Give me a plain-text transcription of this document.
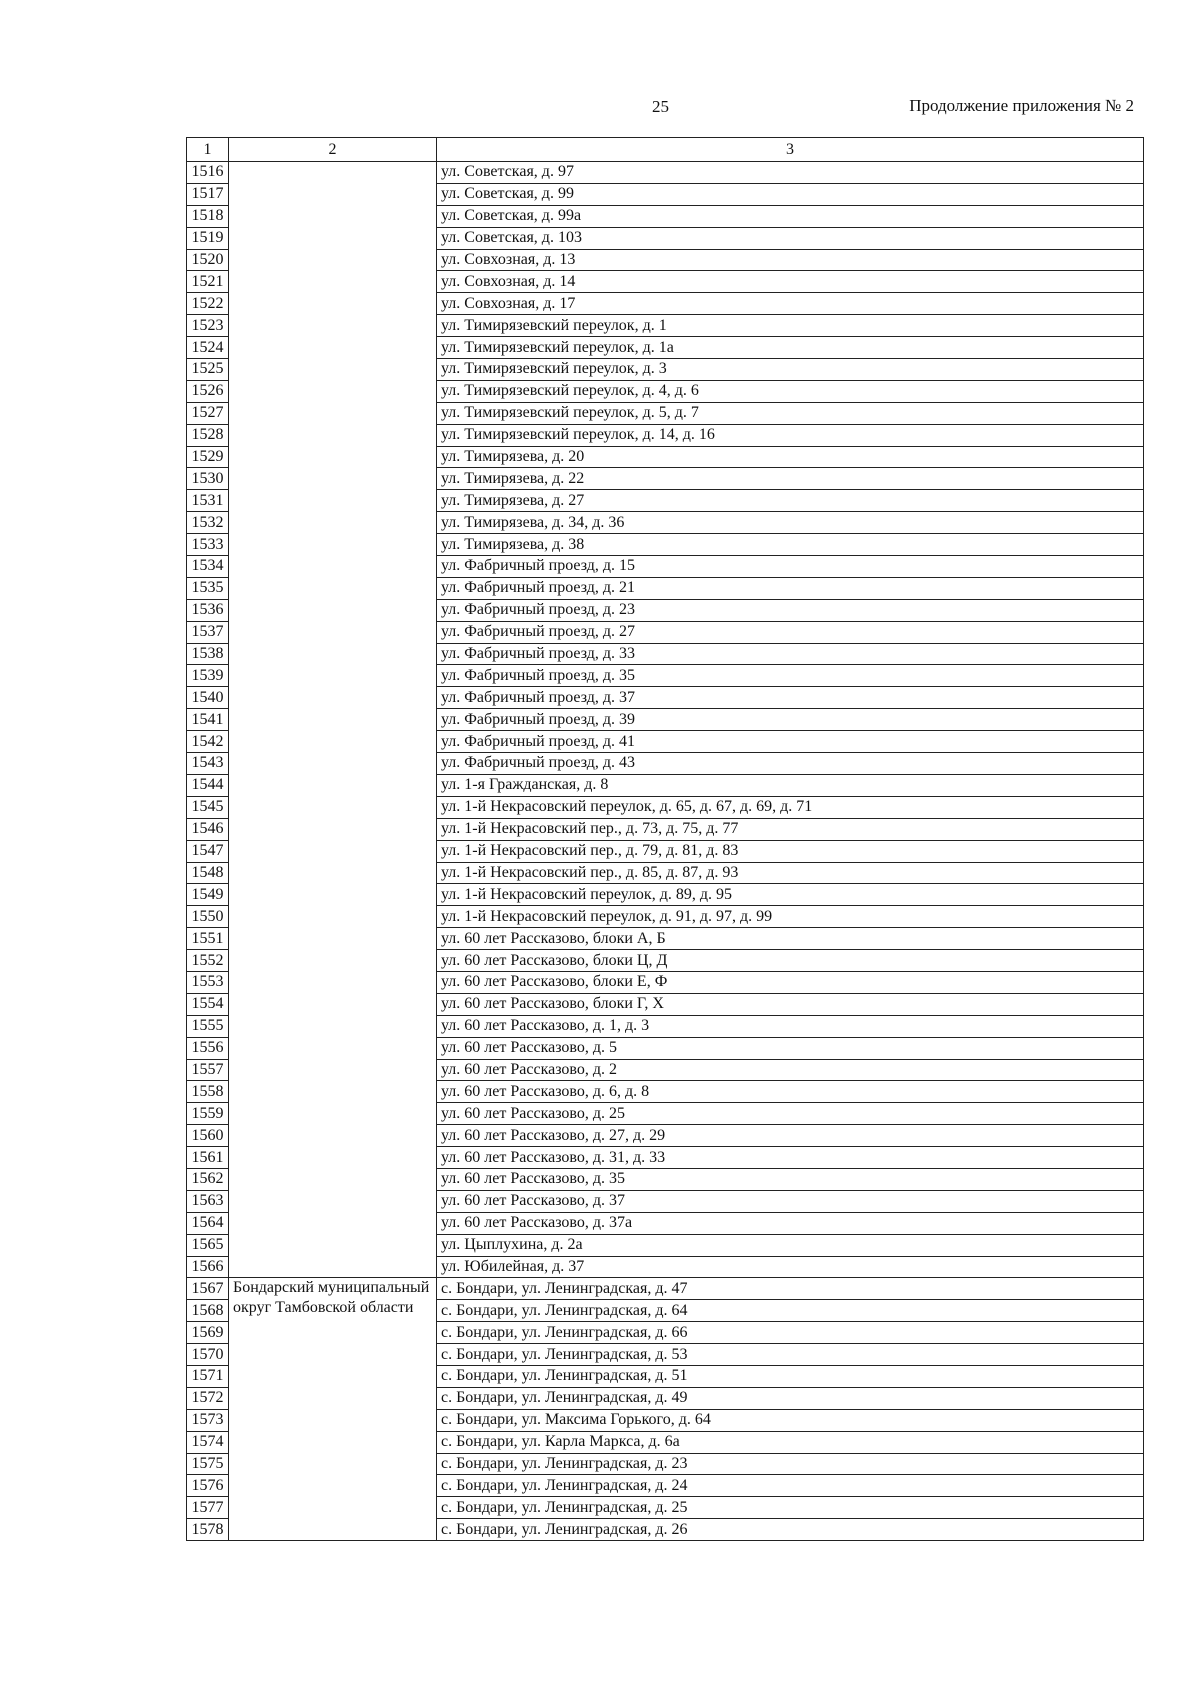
25	Продолжение приложения № 2
1	2	3
1516		ул. Советская, д. 97
1517		ул. Советская, д. 99
1518		ул. Советская, д. 99а
1519		ул. Советская, д. 103
1520		ул. Совхозная, д. 13
1521		ул. Совхозная, д. 14
1522		ул. Совхозная, д. 17
1523		ул. Тимирязевский переулок, д. 1
1524		ул. Тимирязевский переулок, д. 1а
1525		ул. Тимирязевский переулок, д. 3
1526		ул. Тимирязевский переулок, д. 4, д. 6
1527		ул. Тимирязевский переулок, д. 5, д. 7
1528		ул. Тимирязевский переулок, д. 14, д. 16
1529		ул. Тимирязева, д. 20
1530		ул. Тимирязева, д. 22
1531		ул. Тимирязева, д. 27
1532		ул. Тимирязева, д. 34, д. 36
1533		ул. Тимирязева, д. 38
1534		ул. Фабричный проезд, д. 15
1535		ул. Фабричный проезд, д. 21
1536		ул. Фабричный проезд, д. 23
1537		ул. Фабричный проезд, д. 27
1538		ул. Фабричный проезд, д. 33
1539		ул. Фабричный проезд, д. 35
1540		ул. Фабричный проезд, д. 37
1541		ул. Фабричный проезд, д. 39
1542		ул. Фабричный проезд, д. 41
1543		ул. Фабричный проезд, д. 43
1544		ул. 1-я Гражданская, д. 8
1545		ул. 1-й Некрасовский переулок, д. 65, д. 67, д. 69, д. 71
1546		ул. 1-й Некрасовский пер., д. 73, д. 75, д. 77
1547		ул. 1-й Некрасовский пер., д. 79, д. 81, д. 83
1548		ул. 1-й Некрасовский пер., д. 85, д. 87, д. 93
1549		ул. 1-й Некрасовский переулок, д. 89, д. 95
1550		ул. 1-й Некрасовский переулок, д. 91, д. 97, д. 99
1551		ул. 60 лет Рассказово, блоки А, Б
1552		ул. 60 лет Рассказово, блоки Ц, Д
1553		ул. 60 лет Рассказово, блоки Е, Ф
1554		ул. 60 лет Рассказово, блоки Г, Х
1555		ул. 60 лет Рассказово, д. 1, д. 3
1556		ул. 60 лет Рассказово, д. 5
1557		ул. 60 лет Рассказово, д. 2
1558		ул. 60 лет Рассказово, д. 6, д. 8
1559		ул. 60 лет Рассказово, д. 25
1560		ул. 60 лет Рассказово, д. 27, д. 29
1561		ул. 60 лет Рассказово, д. 31, д. 33
1562		ул. 60 лет Рассказово, д. 35
1563		ул. 60 лет Рассказово, д. 37
1564		ул. 60 лет Рассказово, д. 37а
1565		ул. Цыплухина, д. 2а
1566		ул. Юбилейная, д. 37
1567	Бондарский муниципальный округ Тамбовской области	с. Бондари, ул. Ленинградская, д. 47
1568		с. Бондари, ул. Ленинградская, д. 64
1569		с. Бондари, ул. Ленинградская, д. 66
1570		с. Бондари, ул. Ленинградская, д. 53
1571		с. Бондари, ул. Ленинградская, д. 51
1572		с. Бондари, ул. Ленинградская, д. 49
1573		с. Бондари, ул. Максима Горького, д. 64
1574		с. Бондари, ул. Карла Маркса, д. 6а
1575		с. Бондари, ул. Ленинградская, д. 23
1576		с. Бондари, ул. Ленинградская, д. 24
1577		с. Бондари, ул. Ленинградская, д. 25
1578		с. Бондари, ул. Ленинградская, д. 26
